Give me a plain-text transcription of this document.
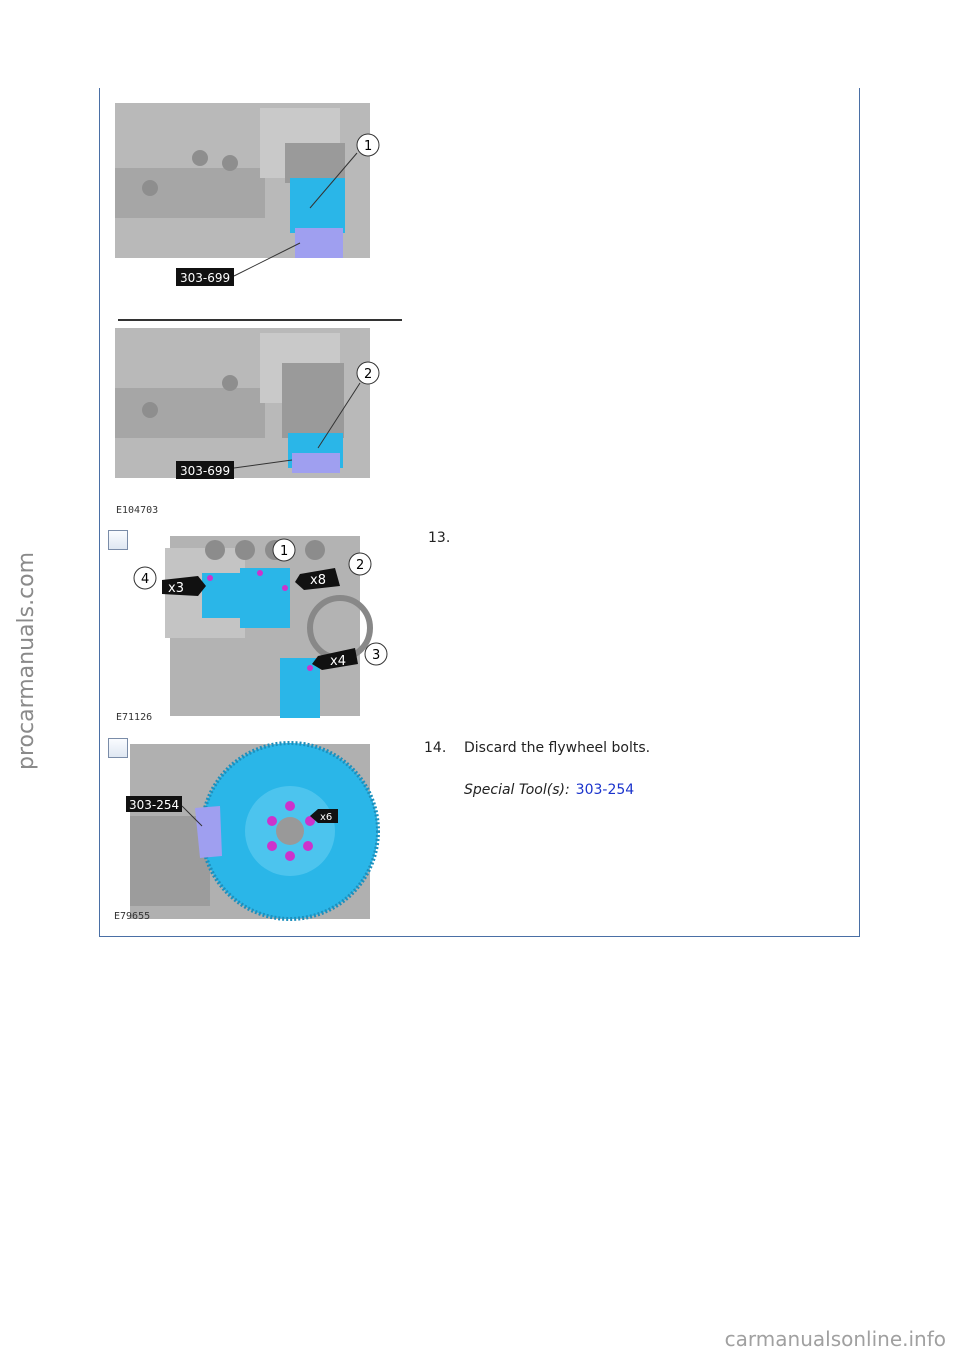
1
303-699
2
303-699
E104703
4
1
2
3
x3
x8
x4
E71126
13.
303-254
x6
E79655
14. Discard the flywheel bolts.
Special Tool(s): 303-254
procarmanuals.com
carmanualsonline.info
